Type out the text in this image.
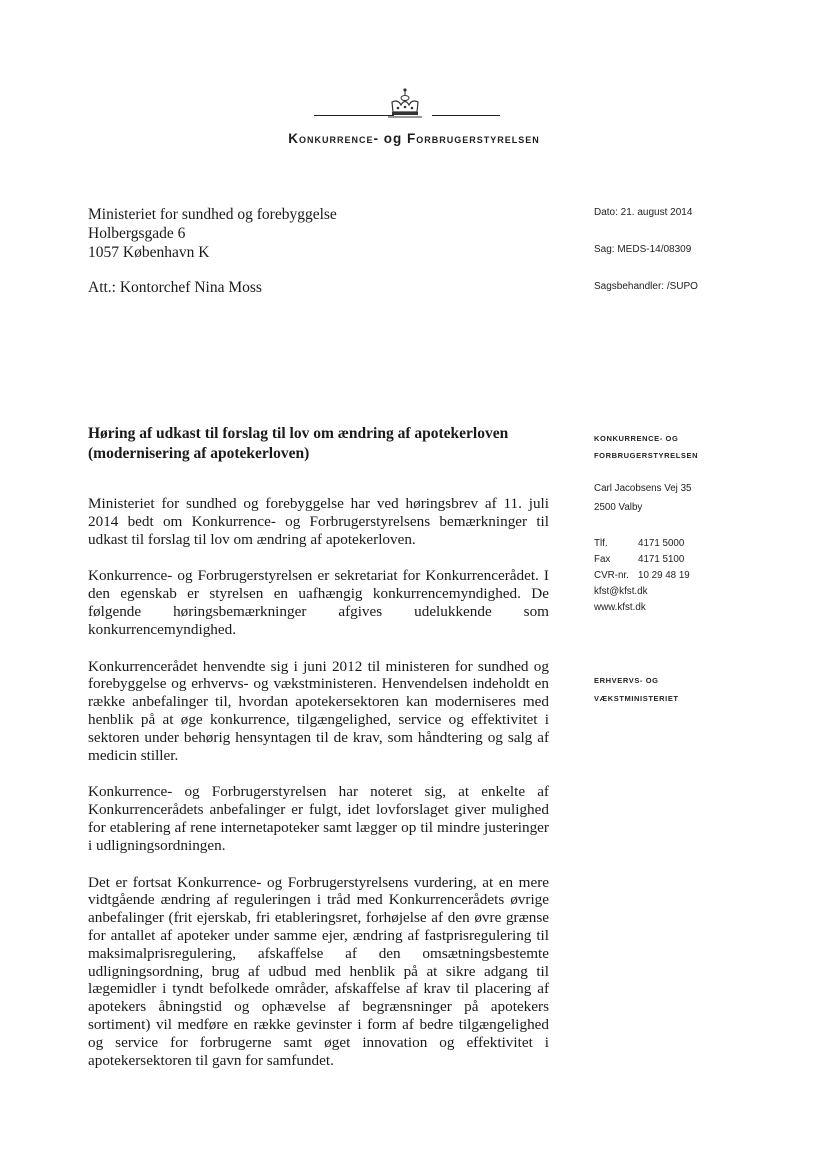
Konkurrence- og Forbrugerstyrelsen
Ministeriet for sundhed og forebyggelse
Holbergsgade 6
1057 København K
Att.: Kontorchef Nina Moss
Dato: 21. august 2014
Sag: MEDS-14/08309
Sagsbehandler: /SUPO
Høring af udkast til forslag til lov om ændring af apotekerloven (modernisering af apotekerloven)

Ministeriet for sundhed og forebyggelse har ved høringsbrev af 11. juli 2014 bedt om Konkurrence- og Forbrugerstyrelsens bemærkninger til udkast til forslag til lov om ændring af apotekerloven.

Konkurrence- og Forbrugerstyrelsen er sekretariat for Konkurrencerådet. I den egenskab er styrelsen en uafhængig konkurrencemyndighed. De følgende høringsbemærkninger afgives udelukkende som konkurrencemyndighed.

Konkurrencerådet henvendte sig i juni 2012 til ministeren for sundhed og forebyggelse og erhvervs- og vækstministeren. Henvendelsen indeholdt en række anbefalinger til, hvordan apotekersektoren kan moderniseres med henblik på at øge konkurrence, tilgængelighed, service og effektivitet i sektoren under behørig hensyntagen til de krav, som håndtering og salg af medicin stiller.

Konkurrence- og Forbrugerstyrelsen har noteret sig, at enkelte af Konkurrencerådets anbefalinger er fulgt, idet lovforslaget giver mulighed for etablering af rene internetapoteker samt lægger op til mindre justeringer i udligningsordningen.

Det er fortsat Konkurrence- og Forbrugerstyrelsens vurdering, at en mere vidtgående ændring af reguleringen i tråd med Konkurrencerådets øvrige anbefalinger (frit ejerskab, fri etableringsret, forhøjelse af den øvre grænse for antallet af apoteker under samme ejer, ændring af fastprisregulering til maksimalprisregulering, afskaffelse af den omsætningsbestemte udligningsordning, brug af udbud med henblik på at sikre adgang til lægemidler i tyndt befolkede områder, afskaffelse af krav til placering af apotekers åbningstid og ophævelse af begrænsninger på apotekers sortiment) vil medføre en række gevinster i form af bedre tilgængelighed og service for forbrugerne samt øget innovation og effektivitet i apotekersektoren til gavn for samfundet.

KONKURRENCE- OG
FORBRUGERSTYRELSEN
Carl Jacobsens Vej 35
2500 Valby
Tlf.	4171 5000
Fax	4171 5100
CVR-nr. 10 29 48 19
kfst@kfst.dk
www.kfst.dk
ERHVERVS- OG
VÆKSTMINISTERIET
